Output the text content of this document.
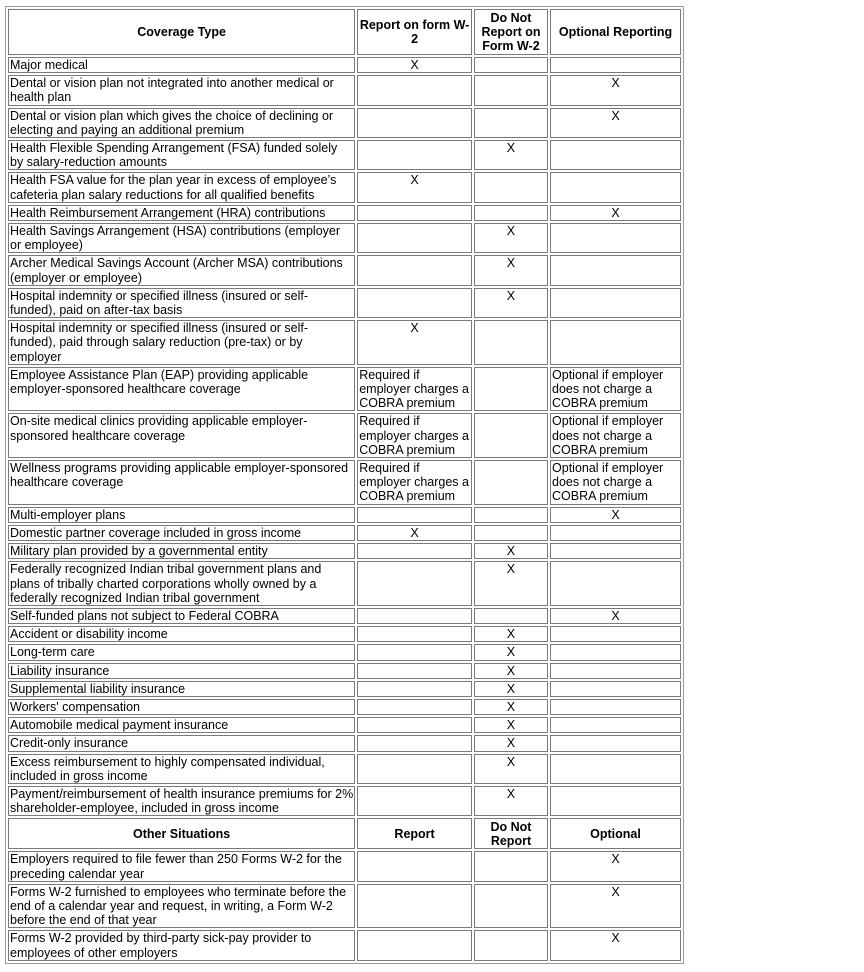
Coverage Type	Report on form W-2	Do Not Report on Form W-2	Optional Reporting
Major medical	X		
Dental or vision plan not integrated into another medical or health plan			X
Dental or vision plan which gives the choice of declining or electing and paying an additional premium			X
Health Flexible Spending Arrangement (FSA) funded solely by salary-reduction amounts		X	
Health FSA value for the plan year in excess of employee’s cafeteria plan salary reductions for all qualified benefits	X		
Health Reimbursement Arrangement (HRA) contributions			X
Health Savings Arrangement (HSA) contributions (employer or employee)		X	
Archer Medical Savings Account (Archer MSA) contributions (employer or employee)		X	
Hospital indemnity or specified illness (insured or self-funded), paid on after-tax basis		X	
Hospital indemnity or specified illness (insured or self-funded), paid through salary reduction (pre-tax) or by employer	X		
Employee Assistance Plan (EAP) providing applicable employer-sponsored healthcare coverage	Required if employer charges a COBRA premium		Optional if employer does not charge a COBRA premium
On-site medical clinics providing applicable employer-sponsored healthcare coverage	Required if employer charges a COBRA premium		Optional if employer does not charge a COBRA premium
Wellness programs providing applicable employer-sponsored healthcare coverage	Required if employer charges a COBRA premium		Optional if employer does not charge a COBRA premium
Multi-employer plans			X
Domestic partner coverage included in gross income	X		
Military plan provided by a governmental entity		X	
Federally recognized Indian tribal government plans and plans of tribally charted corporations wholly owned by a federally recognized Indian tribal government		X	
Self-funded plans not subject to Federal COBRA			X
Accident or disability income		X	
Long-term care		X	
Liability insurance		X	
Supplemental liability insurance		X	
Workers' compensation		X	
Automobile medical payment insurance		X	
Credit-only insurance		X	
Excess reimbursement to highly compensated individual, included in gross income		X	
Payment/reimbursement of health insurance premiums for 2% shareholder-employee, included in gross income		X	
Other Situations	Report	Do Not Report	Optional
Employers required to file fewer than 250 Forms W-2 for the preceding calendar year			X
Forms W-2 furnished to employees who terminate before the end of a calendar year and request, in writing, a Form W-2 before the end of that year			X
Forms W-2 provided by third-party sick-pay provider to employees of other employers			X
